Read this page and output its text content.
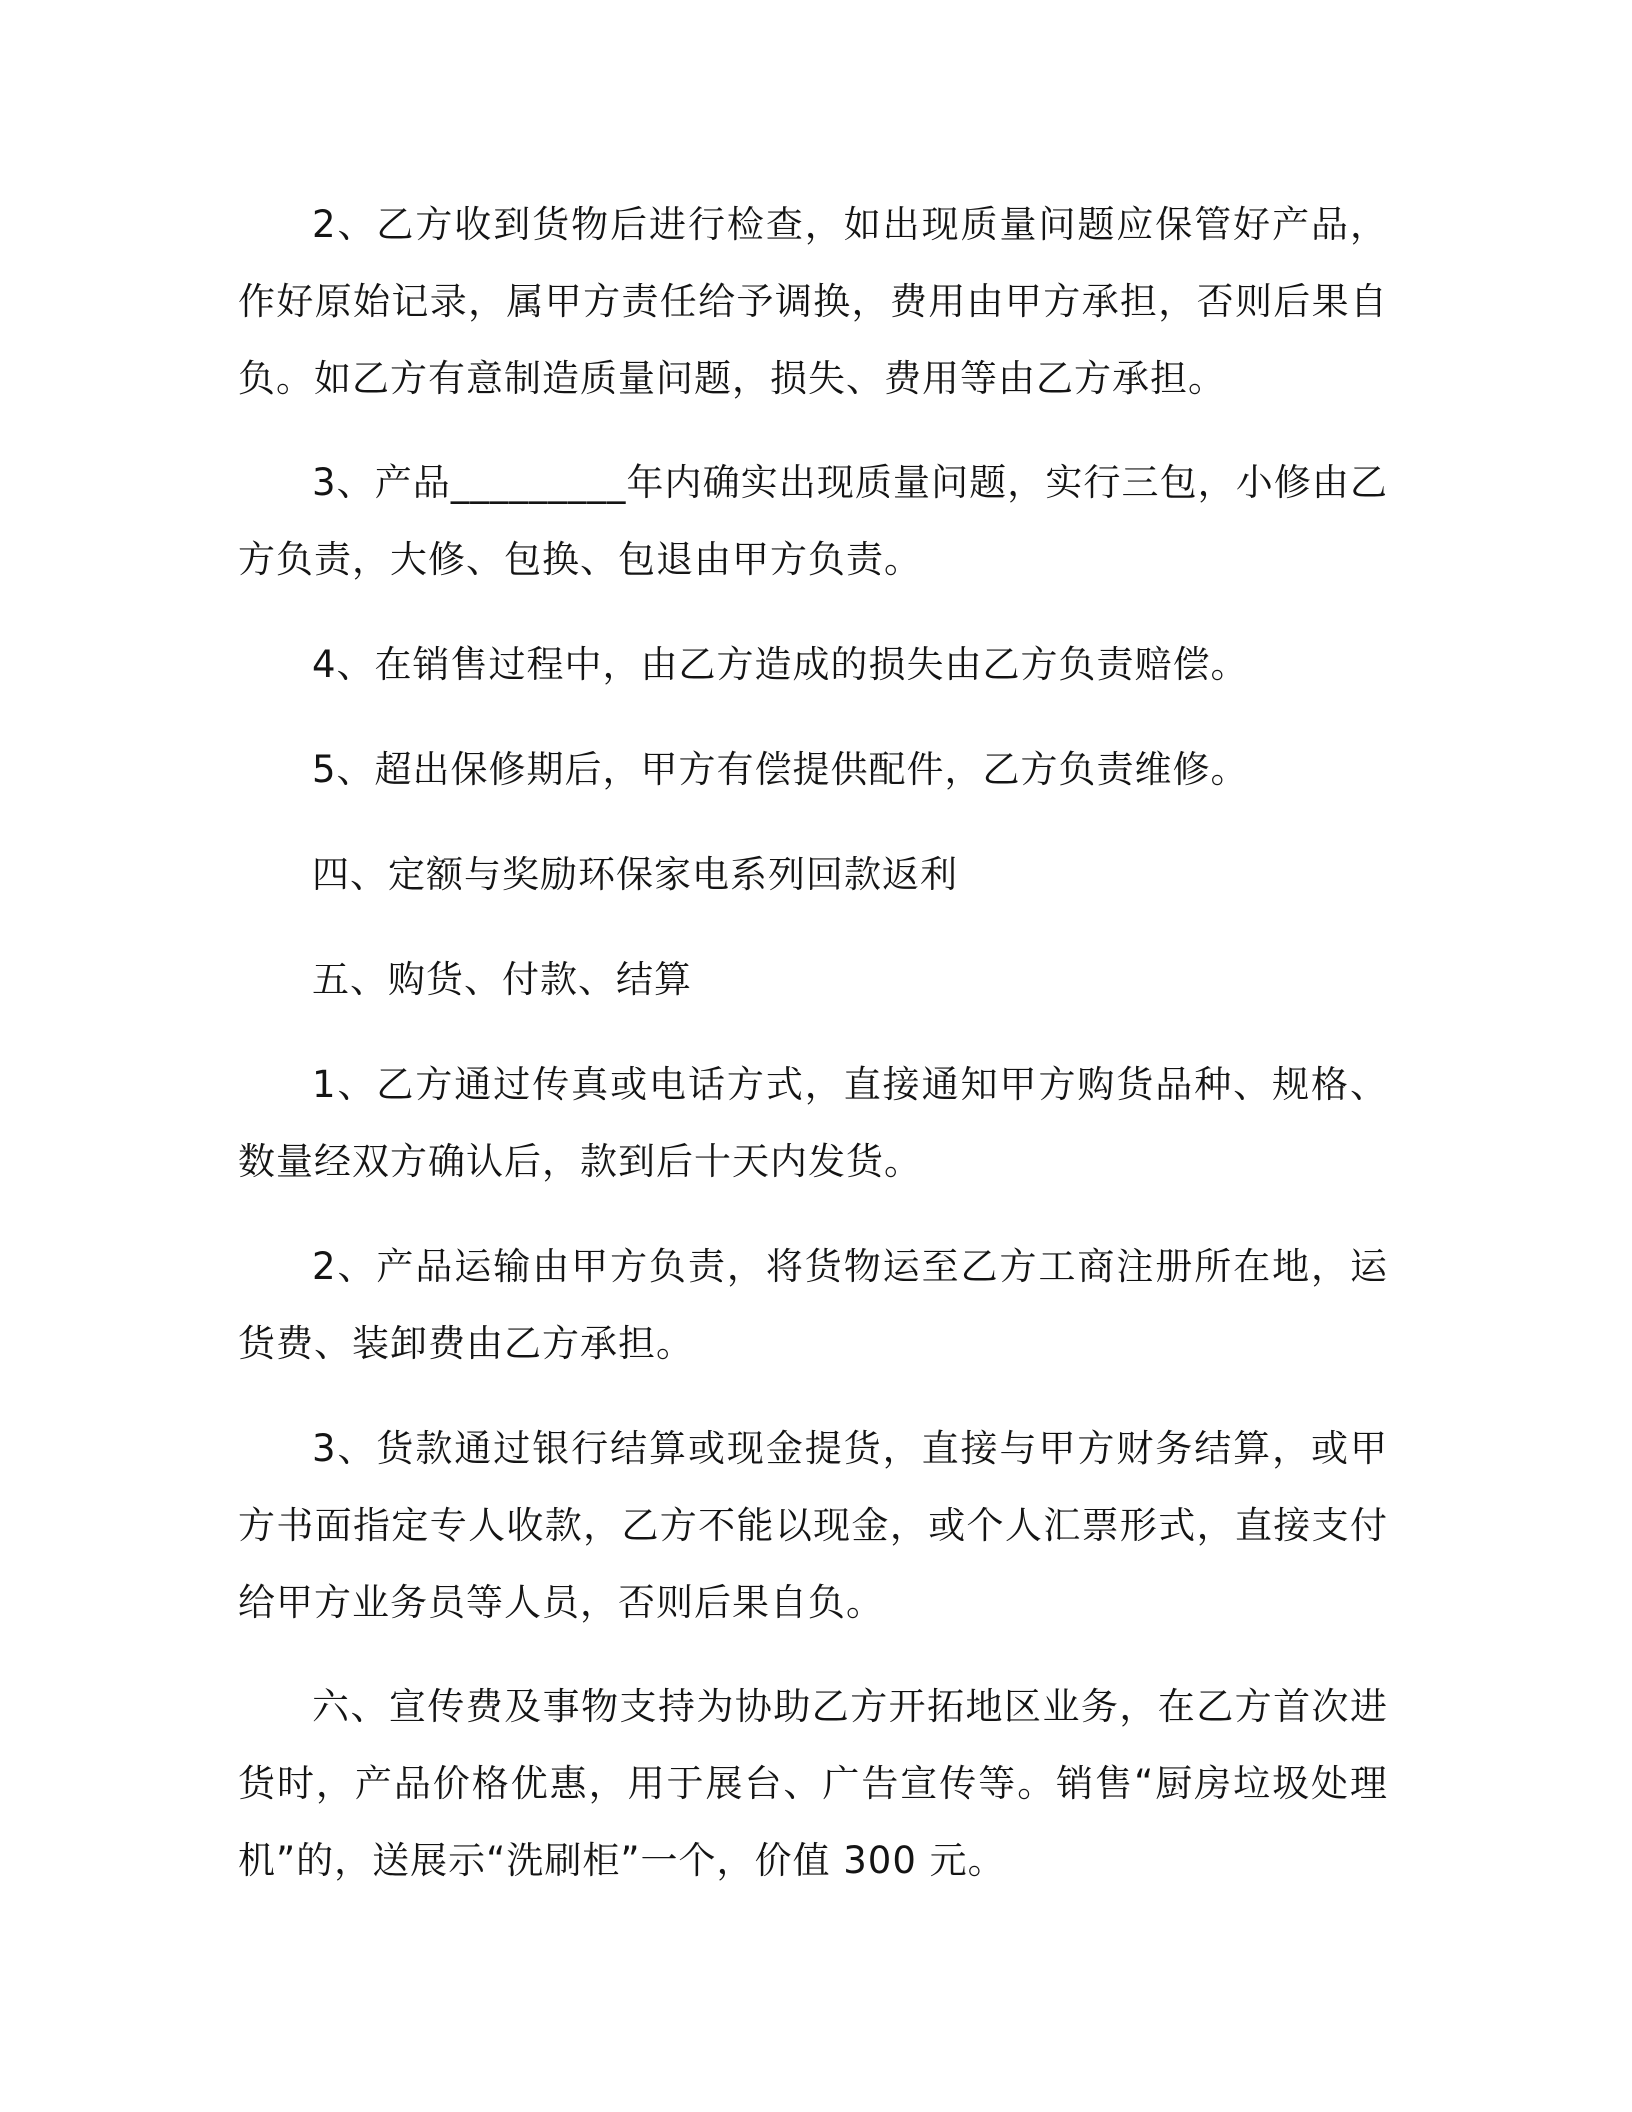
2、乙方收到货物后进行检查，如出现质量问题应保管好产品，作好原始记录，属甲方责任给予调换，费用由甲方承担，否则后果自负。如乙方有意制造质量问题，损失、费用等由乙方承担。

3、产品_________年内确实出现质量问题，实行三包，小修由乙方负责，大修、包换、包退由甲方负责。

4、在销售过程中，由乙方造成的损失由乙方负责赔偿。

5、超出保修期后，甲方有偿提供配件，乙方负责维修。

四、定额与奖励环保家电系列回款返利

五、购货、付款、结算

1、乙方通过传真或电话方式，直接通知甲方购货品种、规格、数量经双方确认后，款到后十天内发货。

2、产品运输由甲方负责，将货物运至乙方工商注册所在地，运货费、装卸费由乙方承担。

3、货款通过银行结算或现金提货，直接与甲方财务结算，或甲方书面指定专人收款，乙方不能以现金，或个人汇票形式，直接支付给甲方业务员等人员，否则后果自负。

六、宣传费及事物支持为协助乙方开拓地区业务，在乙方首次进货时，产品价格优惠，用于展台、广告宣传等。销售“厨房垃圾处理机”的，送展示“洗刷柜”一个，价值 300 元。
